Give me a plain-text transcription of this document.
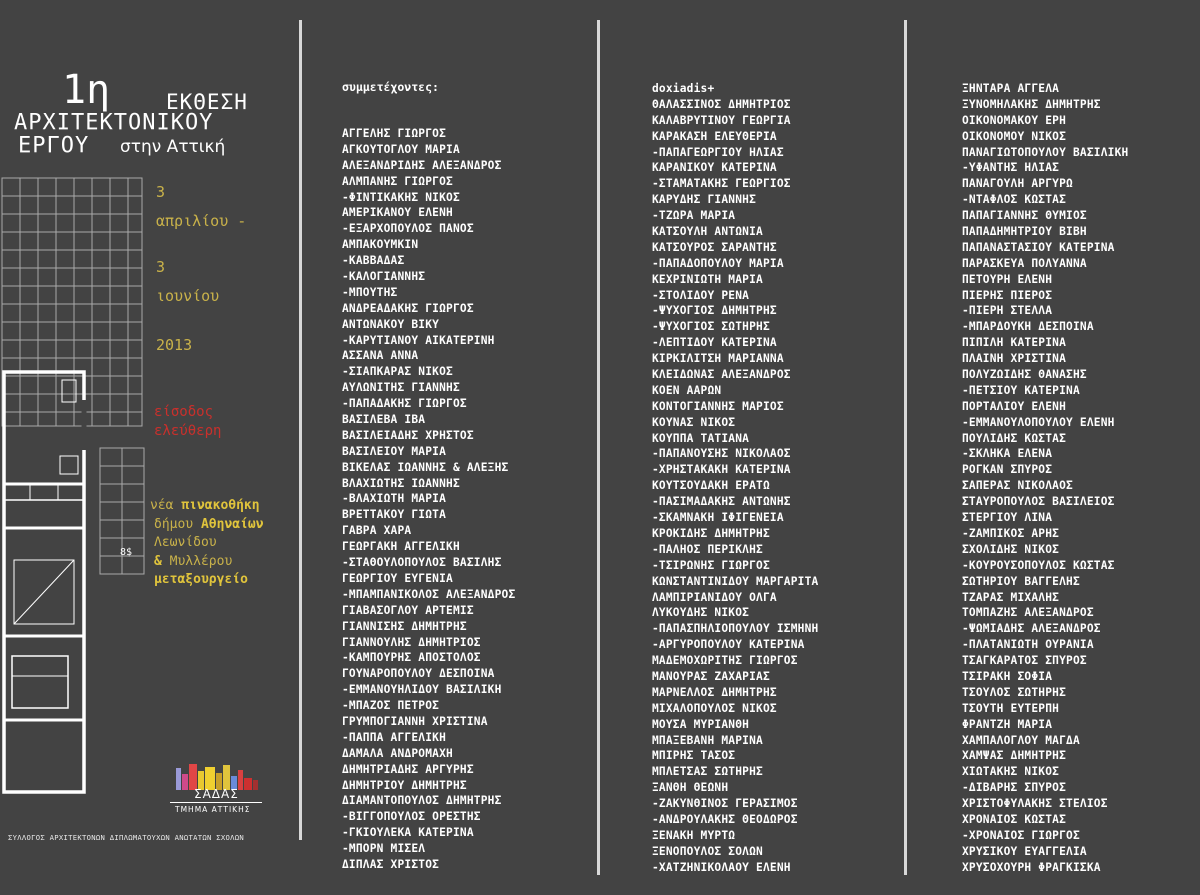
8$
1η	ΕΚΘΕΣΗ
ΑΡΧΙΤΕΚΤΟΝΙΚΟΥ
ΕΡΓΟΥ στην Αττική
3
απριλίου -
3
ιουνίου
2013
είσοδος
ελεύθερη
νέα πινακοθήκη
δήμου Αθηναίων
Λεωνίδου
& Μυλλέρου
μεταξουργείο
ΣΑΔΑΣ
ΤΜΗΜΑ ΑΤΤΙΚΗΣ
ΣΥΛΛΟΓΟΣ ΑΡΧΙΤΕΚΤΟΝΩΝ ΔΙΠΛΩΜΑΤΟΥΧΩΝ ΑΝΩΤΑΤΩΝ ΣΧΟΛΩΝ
συμμετέχοντες:
ΑΓΓΕΛΗΣ ΓΙΩΡΓΟΣ
ΑΓΚΟΥΤΟΓΛΟΥ ΜΑΡΙΑ
ΑΛΕΞΑΝΔΡΙΔΗΣ ΑΛΕΞΑΝΔΡΟΣ
ΑΛΜΠΑΝΗΣ ΓΙΩΡΓΟΣ
-ΦΙΝΤΙΚΑΚΗΣ ΝΙΚΟΣ
ΑΜΕΡΙΚΑΝΟΥ ΕΛΕΝΗ
-ΕΞΑΡΧΟΠΟΥΛΟΣ ΠΑΝΟΣ
ΑΜΠΑΚΟΥΜΚΙΝ
-ΚΑΒΒΑΔΑΣ
-ΚΑΛΟΓΙΑΝΝΗΣ
-ΜΠΟΥΤΗΣ
ΑΝΔΡΕΑΔΑΚΗΣ ΓΙΩΡΓΟΣ
ΑΝΤΩΝΑΚΟΥ ΒΙΚΥ
-ΚΑΡΥΤΙΑΝΟΥ ΑΙΚΑΤΕΡΙΝΗ
ΑΣΣΑΝΑ ΑΝΝΑ
-ΣΙΑΠΚΑΡΑΣ ΝΙΚΟΣ
ΑΥΛΩΝΙΤΗΣ ΓΙΑΝΝΗΣ
-ΠΑΠΑΔΑΚΗΣ ΓΙΩΡΓΟΣ
ΒΑΣΙΛΕΒΑ ΙΒΑ
ΒΑΣΙΛΕΙΑΔΗΣ ΧΡΗΣΤΟΣ
ΒΑΣΙΛΕΙΟΥ ΜΑΡΙΑ
ΒΙΚΕΛΑΣ ΙΩΑΝΝΗΣ & ΑΛΕΞΗΣ
ΒΛΑΧΙΩΤΗΣ ΙΩΑΝΝΗΣ
-ΒΛΑΧΙΩΤΗ ΜΑΡΙΑ
ΒΡΕΤΤΑΚΟΥ ΓΙΩΤΑ
ΓΑΒΡΑ ΧΑΡΑ
ΓΕΩΡΓΑΚΗ ΑΓΓΕΛΙΚΗ
-ΣΤΑΘΟΥΛΟΠΟΥΛΟΣ ΒΑΣΙΛΗΣ
ΓΕΩΡΓΙΟΥ ΕΥΓΕΝΙΑ
-ΜΠΑΜΠΑΝΙΚΟΛΟΣ ΑΛΕΞΑΝΔΡΟΣ
ΓΙΑΒΑΣΟΓΛΟΥ ΑΡΤΕΜΙΣ
ΓΙΑΝΝΙΣΗΣ ΔΗΜΗΤΡΗΣ
ΓΙΑΝΝΟΥΛΗΣ ΔΗΜΗΤΡΙΟΣ
-ΚΑΜΠΟΥΡΗΣ ΑΠΟΣΤΟΛΟΣ
ΓΟΥΝΑΡΟΠΟΥΛΟΥ ΔΕΣΠΟΙΝΑ
-ΕΜΜΑΝΟΥΗΛΙΔΟΥ ΒΑΣΙΛΙΚΗ
-ΜΠΑΖΟΣ ΠΕΤΡΟΣ
ΓΡΥΜΠΟΓΙΑΝΝΗ ΧΡΙΣΤΙΝΑ
-ΠΑΠΠΑ ΑΓΓΕΛΙΚΗ
ΔΑΜΑΛΑ ΑΝΔΡΟΜΑΧΗ
ΔΗΜΗΤΡΙΑΔΗΣ ΑΡΓΥΡΗΣ
ΔΗΜΗΤΡΙΟΥ ΔΗΜΗΤΡΗΣ
ΔΙΑΜΑΝΤΟΠΟΥΛΟΣ ΔΗΜΗΤΡΗΣ
-ΒΙΓΓΟΠΟΥΛΟΣ ΟΡΕΣΤΗΣ
-ΓΚΙΟΥΛΕΚΑ ΚΑΤΕΡΙΝΑ
-ΜΠΟΡΝ ΜΙΣΕΛ
ΔΙΠΛΑΣ ΧΡΙΣΤΟΣ
doxiadis+
ΘΑΛΑΣΣΙΝΟΣ ΔΗΜΗΤΡΙΟΣ
ΚΑΛΑΒΡΥΤΙΝΟΥ ΓΕΩΡΓΙΑ
ΚΑΡΑΚΑΣΗ ΕΛΕΥΘΕΡΙΑ
-ΠΑΠΑΓΕΩΡΓΙΟΥ ΗΛΙΑΣ
ΚΑΡΑΝΙΚΟΥ ΚΑΤΕΡΙΝΑ
-ΣΤΑΜΑΤΑΚΗΣ ΓΕΩΡΓΙΟΣ
ΚΑΡΥΔΗΣ ΓΙΑΝΝΗΣ
-ΤΖΩΡΑ ΜΑΡΙΑ
ΚΑΤΣΟΥΛΗ ΑΝΤΩΝΙΑ
ΚΑΤΣΟΥΡΟΣ ΣΑΡΑΝΤΗΣ
-ΠΑΠΑΔΟΠΟΥΛΟΥ ΜΑΡΙΑ
ΚΕΧΡΙΝΙΩΤΗ ΜΑΡΙΑ
-ΣΤΟΛΙΔΟΥ ΡΕΝΑ
-ΨΥΧΟΓΙΟΣ ΔΗΜΗΤΡΗΣ
-ΨΥΧΟΓΙΟΣ ΣΩΤΗΡΗΣ
-ΛΕΠΤΙΔΟΥ ΚΑΤΕΡΙΝΑ
ΚΙΡΚΙΛΙΤΣΗ ΜΑΡΙΑΝΝΑ
ΚΛΕΙΔΩΝΑΣ ΑΛΕΞΑΝΔΡΟΣ
ΚΟΕΝ ΑΑΡΩΝ
ΚΟΝΤΟΓΙΑΝΝΗΣ ΜΑΡΙΟΣ
ΚΟΥΝΑΣ ΝΙΚΟΣ
ΚΟΥΠΠΑ ΤΑΤΙΑΝΑ
-ΠΑΠΑΝΟΥΣΗΣ ΝΙΚΟΛΑΟΣ
-ΧΡΗΣΤΑΚΑΚΗ ΚΑΤΕΡΙΝΑ
ΚΟΥΤΣΟΥΔΑΚΗ ΕΡΑΤΩ
-ΠΑΣΙΜΑΔΑΚΗΣ ΑΝΤΩΝΗΣ
-ΣΚΑΜΝΑΚΗ ΙΦΙΓΕΝΕΙΑ
ΚΡΟΚΙΔΗΣ ΔΗΜΗΤΡΗΣ
-ΠΑΛΗΟΣ ΠΕΡΙΚΛΗΣ
-ΤΣΙΡΩΝΗΣ ΓΙΩΡΓΟΣ
ΚΩΝΣΤΑΝΤΙΝΙΔΟΥ ΜΑΡΓΑΡΙΤΑ
ΛΑΜΠΙΡΙΑΝΙΔΟΥ ΟΛΓΑ
ΛΥΚΟΥΔΗΣ ΝΙΚΟΣ
-ΠΑΠΑΣΠΗΛΙΟΠΟΥΛΟΥ ΙΣΜΗΝΗ
-ΑΡΓΥΡΟΠΟΥΛΟΥ ΚΑΤΕΡΙΝΑ
ΜΑΔΕΜΟΧΩΡΙΤΗΣ ΓΙΩΡΓΟΣ
ΜΑΝΟΥΡΑΣ ΖΑΧΑΡΙΑΣ
ΜΑΡΝΕΛΛΟΣ ΔΗΜΗΤΡΗΣ
ΜΙΧΑΛΟΠΟΥΛΟΣ ΝΙΚΟΣ
ΜΟΥΣΑ ΜΥΡΙΑΝΘΗ
ΜΠΑΞΕΒΑΝΗ ΜΑΡΙΝΑ
ΜΠΙΡΗΣ ΤΑΣΟΣ
ΜΠΛΕΤΣΑΣ ΣΩΤΗΡΗΣ
ΞΑΝΘΗ ΘΕΩΝΗ
-ΖΑΚΥΝΘΙΝΟΣ ΓΕΡΑΣΙΜΟΣ
-ΑΝΔΡΟΥΛΑΚΗΣ ΘΕΟΔΩΡΟΣ
ΞΕΝΑΚΗ ΜΥΡΤΩ
ΞΕΝΟΠΟΥΛΟΣ ΣΟΛΩΝ
-ΧΑΤΖΗΝΙΚΟΛΑΟΥ ΕΛΕΝΗ
ΞΗΝΤΑΡΑ ΑΓΓΕΛΑ
ΞΥΝΟΜΗΛΑΚΗΣ ΔΗΜΗΤΡΗΣ
ΟΙΚΟΝΟΜΑΚΟΥ ΕΡΗ
ΟΙΚΟΝΟΜΟΥ ΝΙΚΟΣ
ΠΑΝΑΓΙΩΤΟΠΟΥΛΟΥ ΒΑΣΙΛΙΚΗ
-ΥΦΑΝΤΗΣ ΗΛΙΑΣ
ΠΑΝΑΓΟΥΛΗ ΑΡΓΥΡΩ
-ΝΤΑΦΛΟΣ ΚΩΣΤΑΣ
ΠΑΠΑΓΙΑΝΝΗΣ ΘΥΜΙΟΣ
ΠΑΠΑΔΗΜΗΤΡΙΟΥ ΒΙΒΗ
ΠΑΠΑΝΑΣΤΑΣΙΟΥ ΚΑΤΕΡΙΝΑ
ΠΑΡΑΣΚΕΥΑ ΠΟΛΥΑΝΝΑ
ΠΕΤΟΥΡΗ ΕΛΕΝΗ
ΠΙΕΡΗΣ ΠΙΕΡΟΣ
-ΠΙΕΡΗ ΣΤΕΛΛΑ
-ΜΠΑΡΔΟΥΚΗ ΔΕΣΠΟΙΝΑ
ΠΙΠΙΛΗ ΚΑΤΕΡΙΝΑ
ΠΛΑΙΝΗ ΧΡΙΣΤΙΝΑ
ΠΟΛΥΖΩΙΔΗΣ ΘΑΝΑΣΗΣ
-ΠΕΤΣΙΟΥ ΚΑΤΕΡΙΝΑ
ΠΟΡΤΑΛΙΟΥ ΕΛΕΝΗ
-ΕΜΜΑΝΟΥΛΟΠΟΥΛΟΥ ΕΛΕΝΗ
ΠΟΥΛΙΔΗΣ ΚΩΣΤΑΣ
-ΣΚΛΗΚΑ ΕΛΕΝΑ
ΡΟΓΚΑΝ ΣΠΥΡΟΣ
ΣΑΠΕΡΑΣ ΝΙΚΟΛΑΟΣ
ΣΤΑΥΡΟΠΟΥΛΟΣ ΒΑΣΙΛΕΙΟΣ
ΣΤΕΡΓΙΟΥ ΛΙΝΑ
-ΖΑΜΠΙΚΟΣ ΑΡΗΣ
ΣΧΟΛΙΔΗΣ ΝΙΚΟΣ
-ΚΟΥΡΟΥΣΟΠΟΥΛΟΣ ΚΩΣΤΑΣ
ΣΩΤΗΡΙΟΥ ΒΑΓΓΕΛΗΣ
ΤΖΑΡΑΣ ΜΙΧΑΛΗΣ
ΤΟΜΠΑΖΗΣ ΑΛΕΞΑΝΔΡΟΣ
-ΨΩΜΙΑΔΗΣ ΑΛΕΞΑΝΔΡΟΣ
-ΠΛΑΤΑΝΙΩΤΗ ΟΥΡΑΝΙΑ
ΤΣΑΓΚΑΡΑΤΟΣ ΣΠΥΡΟΣ
ΤΣΙΡΑΚΗ ΣΟΦΙΑ
ΤΣΟΥΛΟΣ ΣΩΤΗΡΗΣ
ΤΣΟΥΤΗ ΕΥΤΕΡΠΗ
ΦΡΑΝΤΖΗ ΜΑΡΙΑ
ΧΑΜΠΑΛΟΓΛΟΥ ΜΑΓΔΑ
ΧΑΜΨΑΣ ΔΗΜΗΤΡΗΣ
ΧΙΩΤΑΚΗΣ ΝΙΚΟΣ
-ΔΙΒΑΡΗΣ ΣΠΥΡΟΣ
ΧΡΙΣΤΟΦΥΛΑΚΗΣ ΣΤΕΛΙΟΣ
ΧΡΟΝΑΙΟΣ ΚΩΣΤΑΣ
-ΧΡΟΝΑΙΟΣ ΓΙΩΡΓΟΣ
ΧΡΥΣΙΚΟΥ ΕΥΑΓΓΕΛΙΑ
ΧΡΥΣΟΧΟΥΡΗ ΦΡΑΓΚΙΣΚΑ
